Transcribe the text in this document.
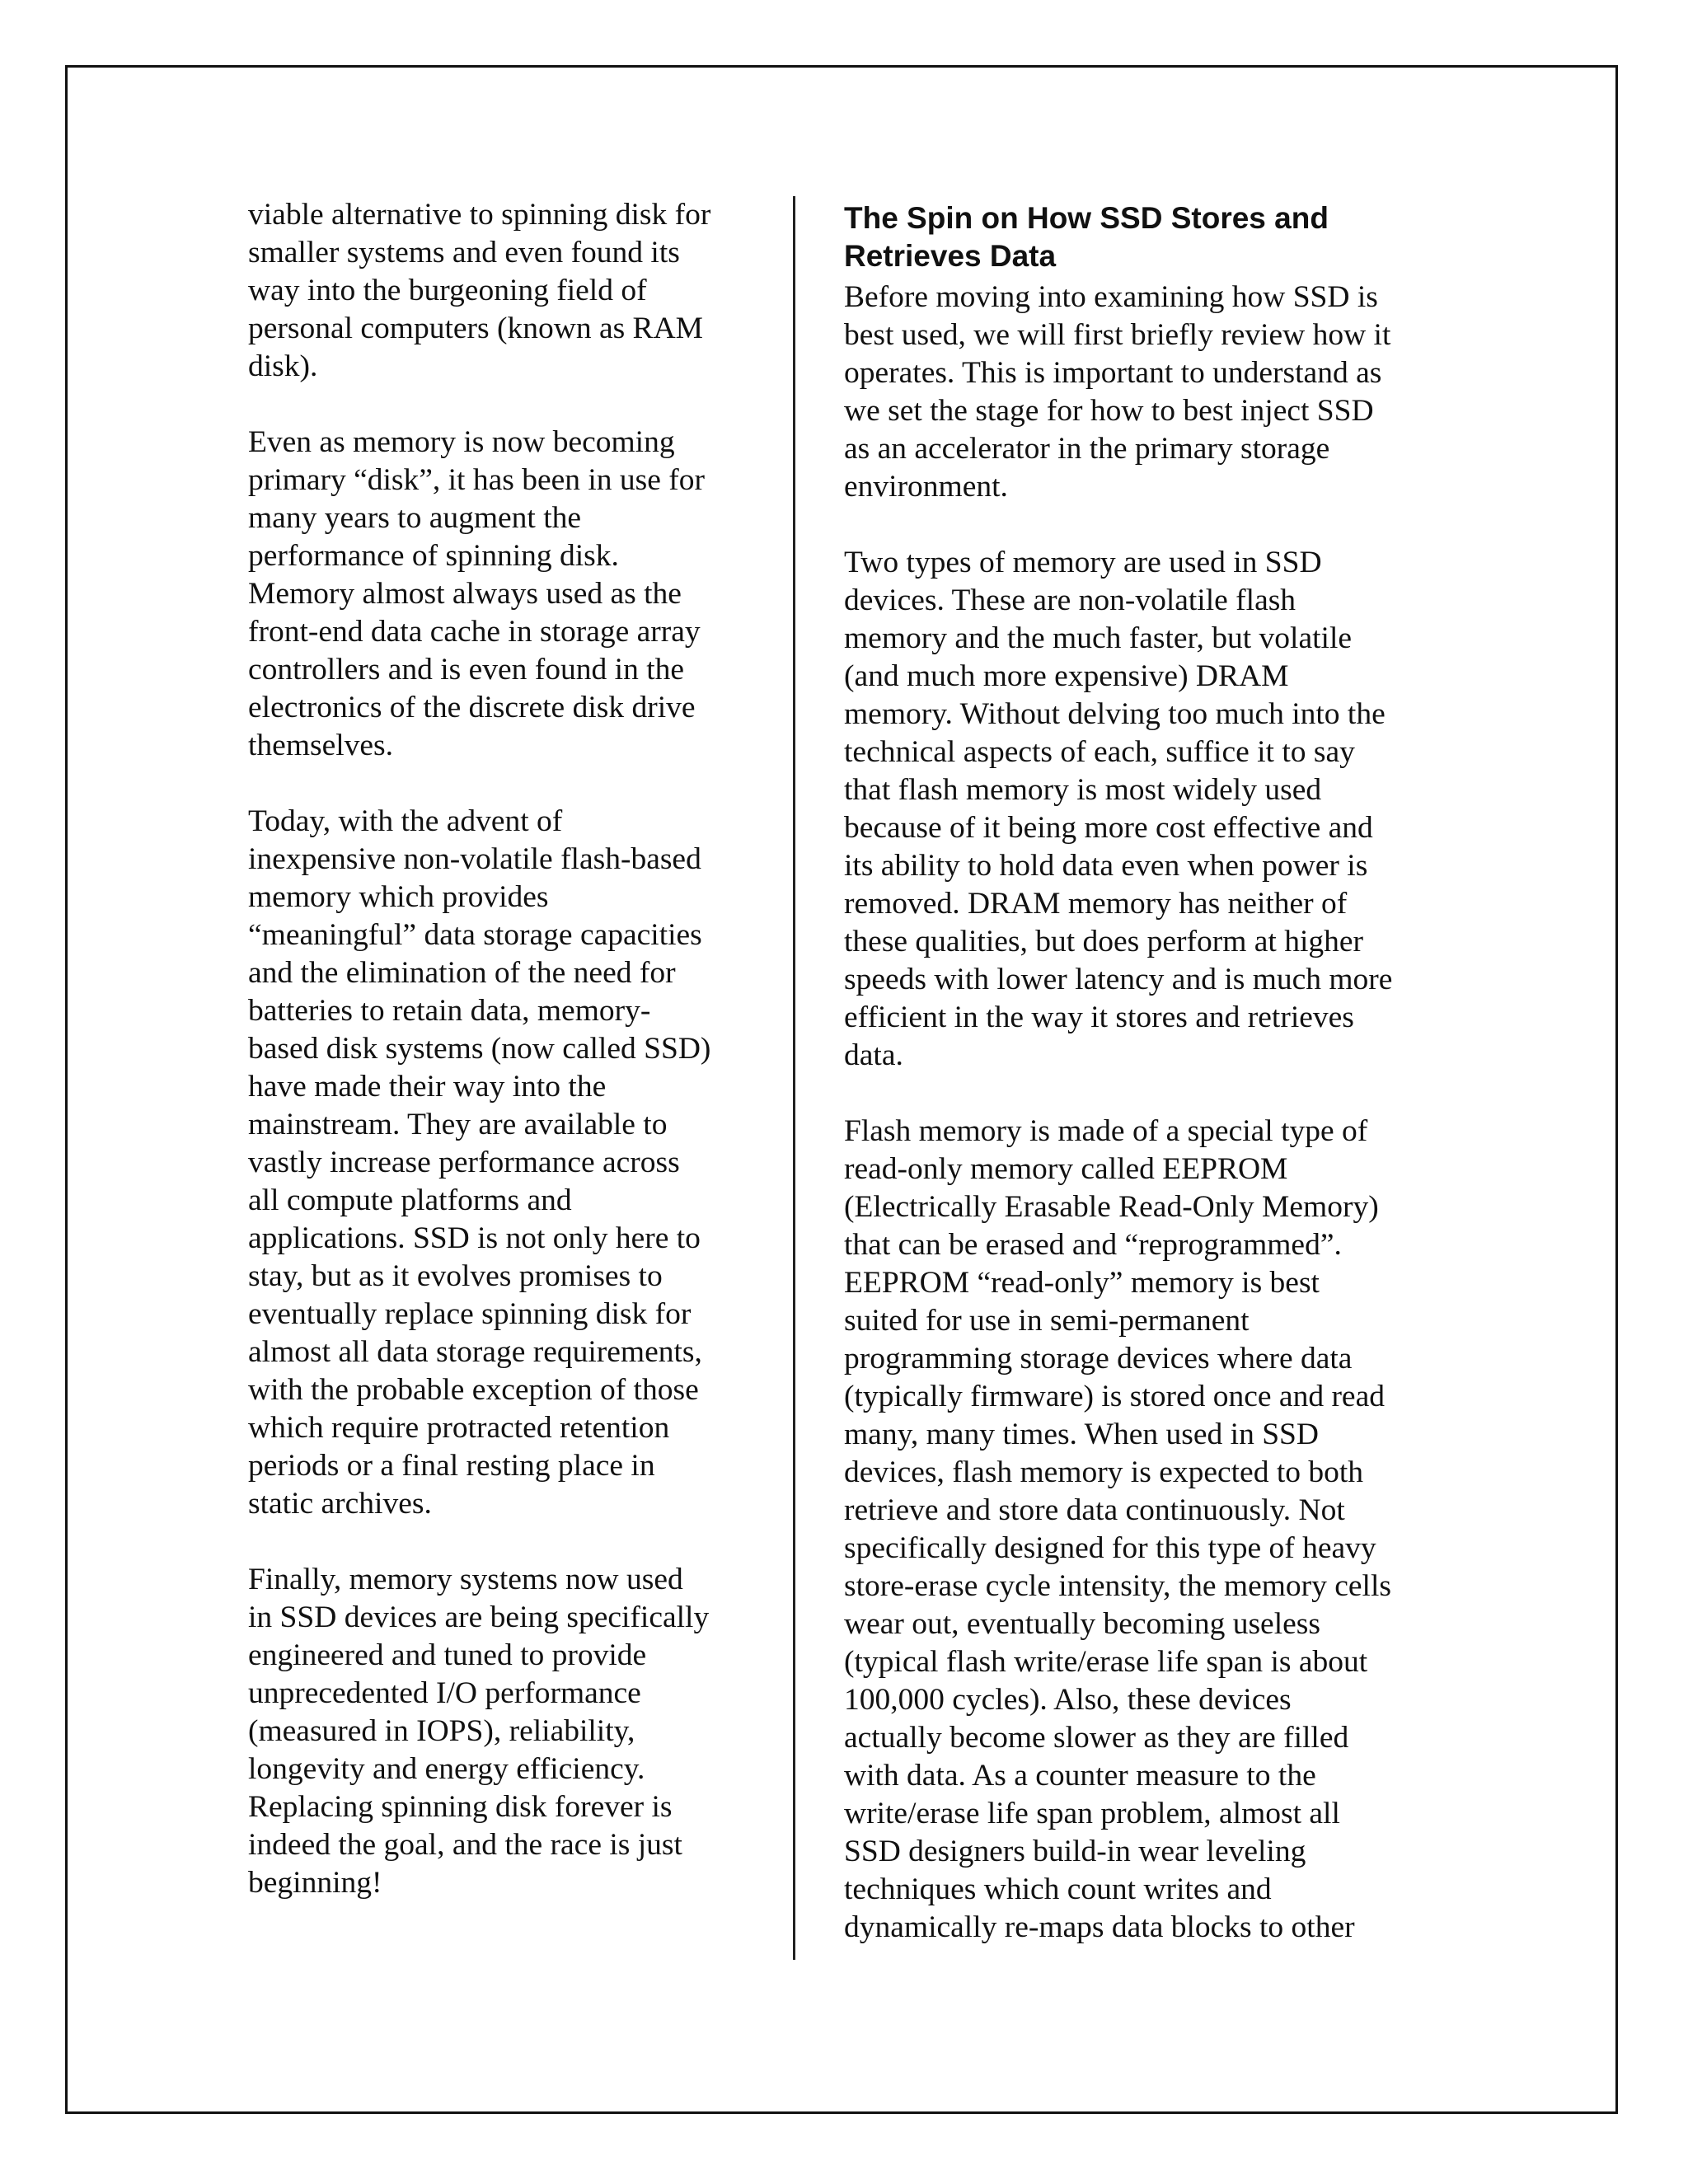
viable alternative to spinning disk for
smaller systems and even found its
way into the burgeoning field of
personal computers (known as RAM
disk).

Even as memory is now becoming
primary “disk”, it has been in use for
many years to augment the
performance of spinning disk.
Memory almost always used as the
front-end data cache in storage array
controllers and is even found in the
electronics of the discrete disk drive
themselves.

Today, with the advent of
inexpensive non-volatile flash-based
memory which provides
“meaningful” data storage capacities
and the elimination of the need for
batteries to retain data, memory-
based disk systems (now called SSD)
have made their way into the
mainstream. They are available to
vastly increase performance across
all compute platforms and
applications. SSD is not only here to
stay, but as it evolves promises to
eventually replace spinning disk for
almost all data storage requirements,
with the probable exception of those
which require protracted retention
periods or a final resting place in
static archives.

Finally, memory systems now used
in SSD devices are being specifically
engineered and tuned to provide
unprecedented I/O performance
(measured in IOPS), reliability,
longevity and energy efficiency.
Replacing spinning disk forever is
indeed the goal, and the race is just
beginning!

The Spin on How SSD Stores and
Retrieves Data

Before moving into examining how SSD is
best used, we will first briefly review how it
operates. This is important to understand as
we set the stage for how to best inject SSD
as an accelerator in the primary storage
environment.

Two types of memory are used in SSD
devices. These are non-volatile flash
memory and the much faster, but volatile
(and much more expensive) DRAM
memory. Without delving too much into the
technical aspects of each, suffice it to say
that flash memory is most widely used
because of it being more cost effective and
its ability to hold data even when power is
removed. DRAM memory has neither of
these qualities, but does perform at higher
speeds with lower latency and is much more
efficient in the way it stores and retrieves
data.

Flash memory is made of a special type of
read-only memory called EEPROM
(Electrically Erasable Read-Only Memory)
that can be erased and “reprogrammed”.
EEPROM “read-only” memory is best
suited for use in semi-permanent
programming storage devices where data
(typically firmware) is stored once and read
many, many times. When used in SSD
devices, flash memory is expected to both
retrieve and store data continuously. Not
specifically designed for this type of heavy
store-erase cycle intensity, the memory cells
wear out, eventually becoming useless
(typical flash write/erase life span is about
100,000 cycles). Also, these devices
actually become slower as they are filled
with data. As a counter measure to the
write/erase life span problem, almost all
SSD designers build-in wear leveling
techniques which count writes and
dynamically re-maps data blocks to other
